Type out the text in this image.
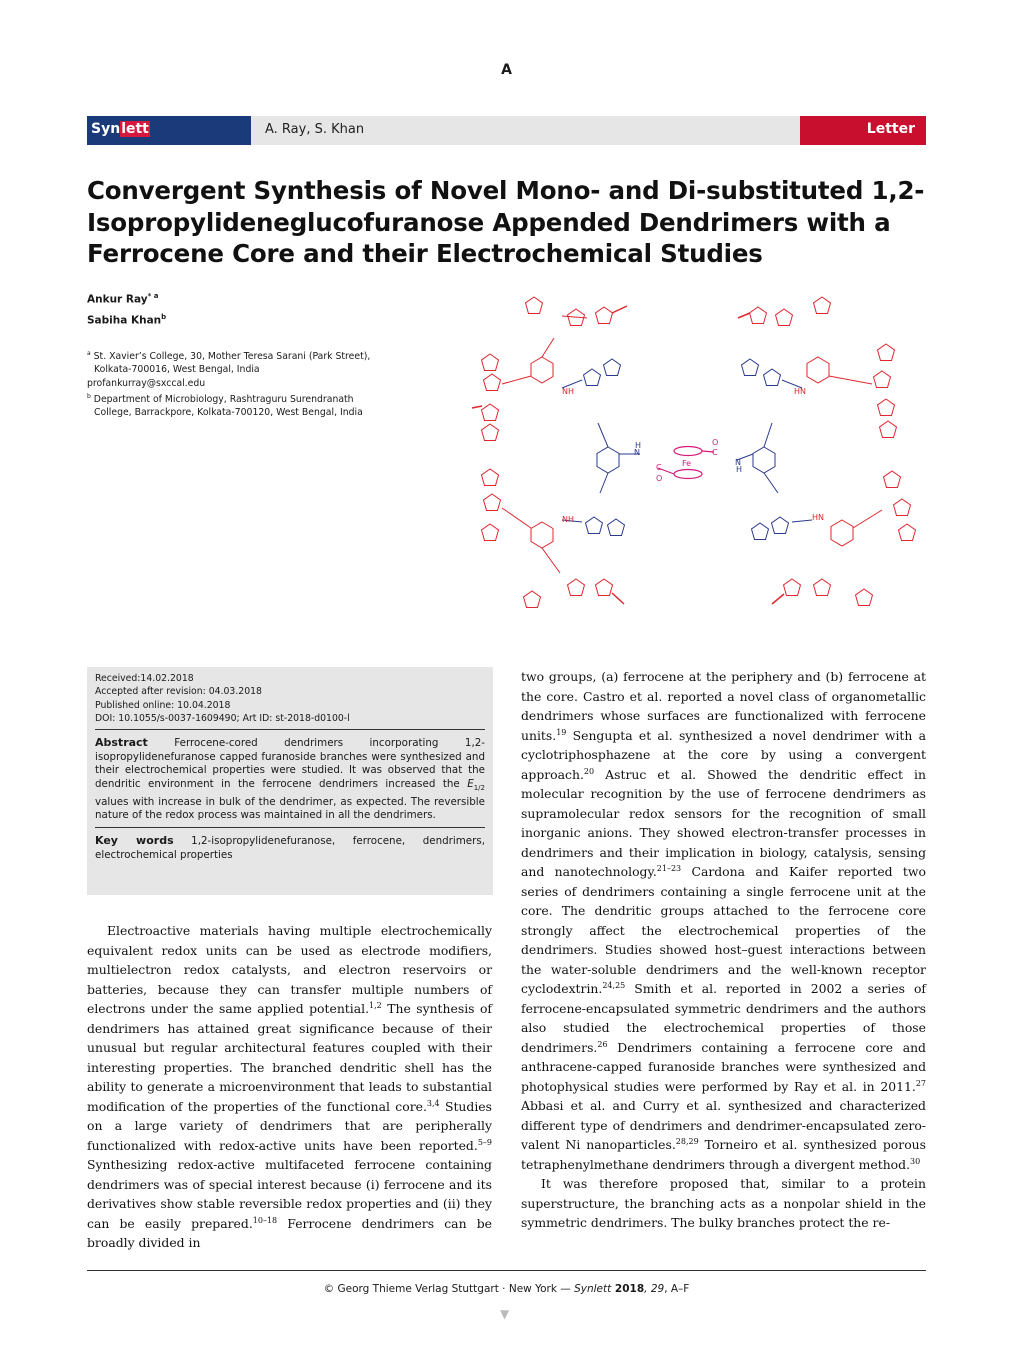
A
Synlett	A. Ray, S. Khan	Letter
Convergent Synthesis of Novel Mono- and Di-substituted 1,2-Isopropylideneglucofuranose Appended Dendrimers with a Ferrocene Core and their Electrochemical Studies
Ankur Ray$^{* a}$
Sabiha Khan$^b$

$^a$ St. Xavier’s College, 30, Mother Teresa Sarani (Park Street), Kolkata-700016, West Bengal, India

profankurray@sxccal.edu

$^b$ Department of Microbiology, Rashtraguru Surendranath College, Barrackpore, Kolkata-700120, West Bengal, India

Fe
NH
NH
HN
HN
N
H
N
H
C
O
C
O

Received:14.02.2018

Accepted after revision: 04.03.2018

Published online: 10.04.2018

DOI: 10.1055/s-0037-1609490; Art ID: st-2018-d0100-l

Abstract	Ferrocene-cored dendrimers incorporating 1,2-isopropylidenefuranose capped furanoside branches were synthesized and their electrochemical properties were studied. It was observed that the dendritic environment in the ferrocene dendrimers increased the $E_{1/2}$ values with increase in bulk of the dendrimer, as expected. The reversible nature of the redox process was maintained in all the dendrimers.

Key words 1,2-isopropylidenefuranose, ferrocene, dendrimers, electrochemical properties

Electroactive materials having multiple electrochemically equivalent redox units can be used as electrode modifiers, multielectron redox catalysts, and electron reservoirs or batteries, because they can transfer multiple numbers of electrons under the same applied potential.$^{1,2}$ The synthesis of dendrimers has attained great significance because of their unusual but regular architectural features coupled with their interesting properties. The branched dendritic shell has the ability to generate a microenvironment that leads to substantial modification of the properties of the functional core.$^{3,4}$ Studies on a large variety of dendrimers that are peripherally functionalized with redox-active units have been reported.$^{5-9}$ Synthesizing redox-active multifaceted ferrocene containing dendrimers was of special interest because (i) ferrocene and its derivatives show stable reversible redox properties and (ii) they can be easily prepared.$^{10-18}$ Ferrocene dendrimers can be broadly divided in

two groups, (a) ferrocene at the periphery and (b) ferrocene at the core. Castro et al. reported a novel class of organometallic dendrimers whose surfaces are functionalized with ferrocene units.$^{19}$ Sengupta et al. synthesized a novel dendrimer with a cyclotriphosphazene at the core by using a convergent approach.$^{20}$ Astruc et al. Showed the dendritic effect in molecular recognition by the use of ferrocene dendrimers as supramolecular redox sensors for the recognition of small inorganic anions. They showed electron-transfer processes in dendrimers and their implication in biology, catalysis, sensing and nanotechnology.$^{21-23}$ Cardona and Kaifer reported two series of dendrimers containing a single ferrocene unit at the core. The dendritic groups attached to the ferrocene core strongly affect the electrochemical properties of the dendrimers. Studies showed host–guest interactions between the water-soluble dendrimers and the well-known receptor cyclodextrin.$^{24,25}$ Smith et al. reported in 2002 a series of ferrocene-encapsulated symmetric dendrimers and the authors also studied the electrochemical properties of those dendrimers.$^{26}$ Dendrimers containing a ferrocene core and anthracene-capped furanoside branches were synthesized and photophysical studies were performed by Ray et al. in 2011.27 Abbasi et al. and Curry et al. synthesized and characterized different type of dendrimers and dendrimer-encapsulated zero-valent Ni nanoparticles.$^{28,29}$ Torneiro et al. synthesized porous tetraphenylmethane dendrimers through a divergent method.$^{30}$

It was therefore proposed that, similar to a protein superstructure, the branching acts as a nonpolar shield in the symmetric dendrimers. The bulky branches protect the re-

© Georg Thieme Verlag Stuttgart · New York — Synlett 2018, 29, A–F
▼
